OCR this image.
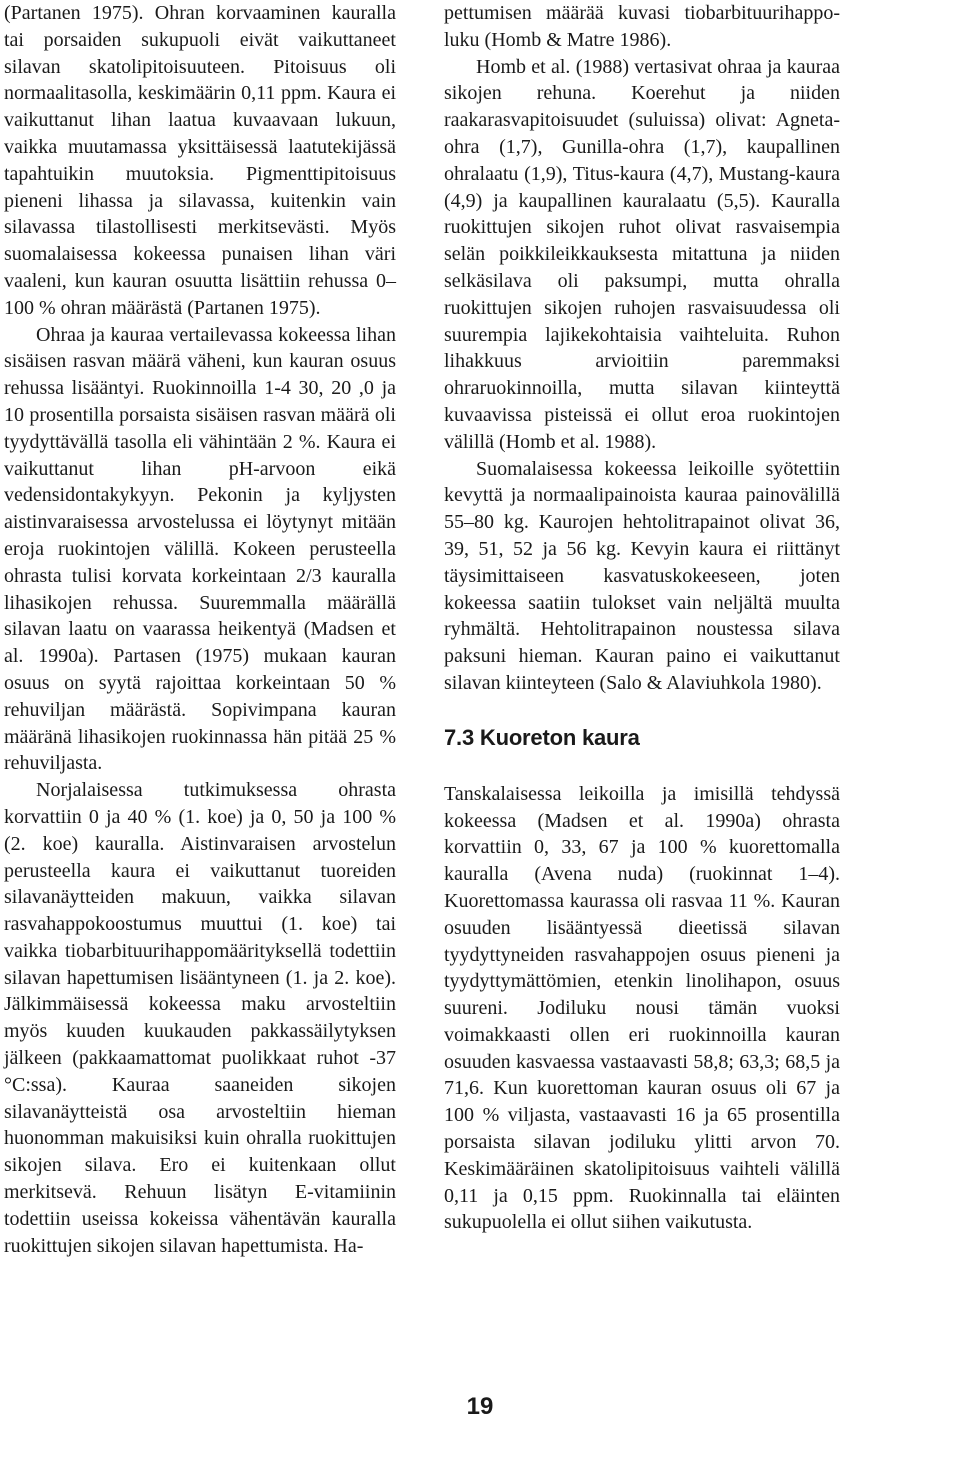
(Partanen 1975). Ohran korvaaminen kauralla tai porsaiden sukupuoli eivät vaikuttaneet silavan skatolipitoisuuteen. Pitoisuus oli normaalitasolla, keskimäärin 0,11 ppm. Kaura ei vaikuttanut lihan laatua kuvaavaan lukuun, vaikka muutamassa yksittäisessä laatutekijässä tapahtuikin muutoksia. Pigmenttipitoisuus pieneni lihassa ja silavassa, kuitenkin vain silavassa tilastollisesti merkitsevästi. Myös suomalaisessa kokeessa punaisen lihan väri vaaleni, kun kauran osuutta lisättiin rehussa 0–100 % ohran määrästä (Partanen 1975).

Ohraa ja kauraa vertailevassa kokeessa lihan sisäisen rasvan määrä väheni, kun kauran osuus rehussa lisääntyi. Ruokinnoilla 1-4 30, 20 ,0 ja 10 prosentilla porsaista sisäisen rasvan määrä oli tyydyttävällä tasolla eli vähintään 2 %. Kaura ei vaikuttanut lihan pH-arvoon eikä vedensidontakykyyn. Pekonin ja kyljysten aistinvaraisessa arvostelussa ei löytynyt mitään eroja ruokintojen välillä. Kokeen perusteella ohrasta tulisi korvata korkeintaan 2/3 kauralla lihasikojen rehussa. Suuremmalla määrällä silavan laatu on vaarassa heikentyä (Madsen et al. 1990a). Partasen (1975) mukaan kauran osuus on syytä rajoittaa korkeintaan 50 % rehuviljan määrästä. Sopivimpana kauran määränä lihasikojen ruokinnassa hän pitää 25 % rehuviljasta.

Norjalaisessa tutkimuksessa ohrasta korvattiin 0 ja 40 % (1. koe) ja 0, 50 ja 100 % (2. koe) kauralla. Aistinvaraisen arvostelun perusteella kaura ei vaikuttanut tuoreiden silavanäytteiden makuun, vaikka silavan rasvahappokoostumus muuttui (1. koe) tai vaikka tiobarbituurihappomäärityksellä todettiin silavan hapettumisen lisääntyneen (1. ja 2. koe). Jälkimmäisessä kokeessa maku arvosteltiin myös kuuden kuukauden pakkassäilytyksen jälkeen (pakkaamattomat puolikkaat ruhot -37 °C:ssa). Kauraa saaneiden sikojen silavanäytteistä osa arvosteltiin hieman huonomman makuisiksi kuin ohralla ruokittujen sikojen silava. Ero ei kuitenkaan ollut merkitsevä. Rehuun lisätyn E-vitamiinin todettiin useissa kokeissa vähentävän kauralla ruokittujen sikojen silavan hapettumista. Ha-

pettumisen määrää kuvasi tiobarbituurihappo-luku (Homb & Matre 1986).

Homb et al. (1988) vertasivat ohraa ja kauraa sikojen rehuna. Koerehut ja niiden raakarasvapitoisuudet (suluissa) olivat: Agneta-ohra (1,7), Gunilla-ohra (1,7), kaupallinen ohralaatu (1,9), Titus-kaura (4,7), Mustang-kaura (4,9) ja kaupallinen kauralaatu (5,5). Kauralla ruokittujen sikojen ruhot olivat rasvaisempia selän poikkileikkauksesta mitattuna ja niiden selkäsilava oli paksumpi, mutta ohralla ruokittujen sikojen ruhojen rasvaisuudessa oli suurempia lajikekohtaisia vaihteluita. Ruhon lihakkuus arvioitiin paremmaksi ohraruokinnoilla, mutta silavan kiinteyttä kuvaavissa pisteissä ei ollut eroa ruokintojen välillä (Homb et al. 1988).

Suomalaisessa kokeessa leikoille syötettiin kevyttä ja normaalipainoista kauraa painovälillä 55–80 kg. Kaurojen hehtolitrapainot olivat 36, 39, 51, 52 ja 56 kg. Kevyin kaura ei riittänyt täysimittaiseen kasvatuskokeeseen, joten kokeessa saatiin tulokset vain neljältä muulta ryhmältä. Hehtolitrapainon noustessa silava paksuni hieman. Kauran paino ei vaikuttanut silavan kiinteyteen (Salo & Alaviuhkola 1980).

7.3 Kuoreton kaura

Tanskalaisessa leikoilla ja imisillä tehdyssä kokeessa (Madsen et al. 1990a) ohrasta korvattiin 0, 33, 67 ja 100 % kuorettomalla kauralla (Avena nuda) (ruokinnat 1–4). Kuorettomassa kaurassa oli rasvaa 11 %. Kauran osuuden lisääntyessä dieetissä silavan tyydyttyneiden rasvahappojen osuus pieneni ja tyydyttymättömien, etenkin linolihapon, osuus suureni. Jodiluku nousi tämän vuoksi voimakkaasti ollen eri ruokinnoilla kauran osuuden kasvaessa vastaavasti 58,8; 63,3; 68,5 ja 71,6. Kun kuorettoman kauran osuus oli 67 ja 100 % viljasta, vastaavasti 16 ja 65 prosentilla porsaista silavan jodiluku ylitti arvon 70. Keskimääräinen skatolipitoisuus vaihteli välillä 0,11 ja 0,15 ppm. Ruokinnalla tai eläinten sukupuolella ei ollut siihen vaikutusta.

19
